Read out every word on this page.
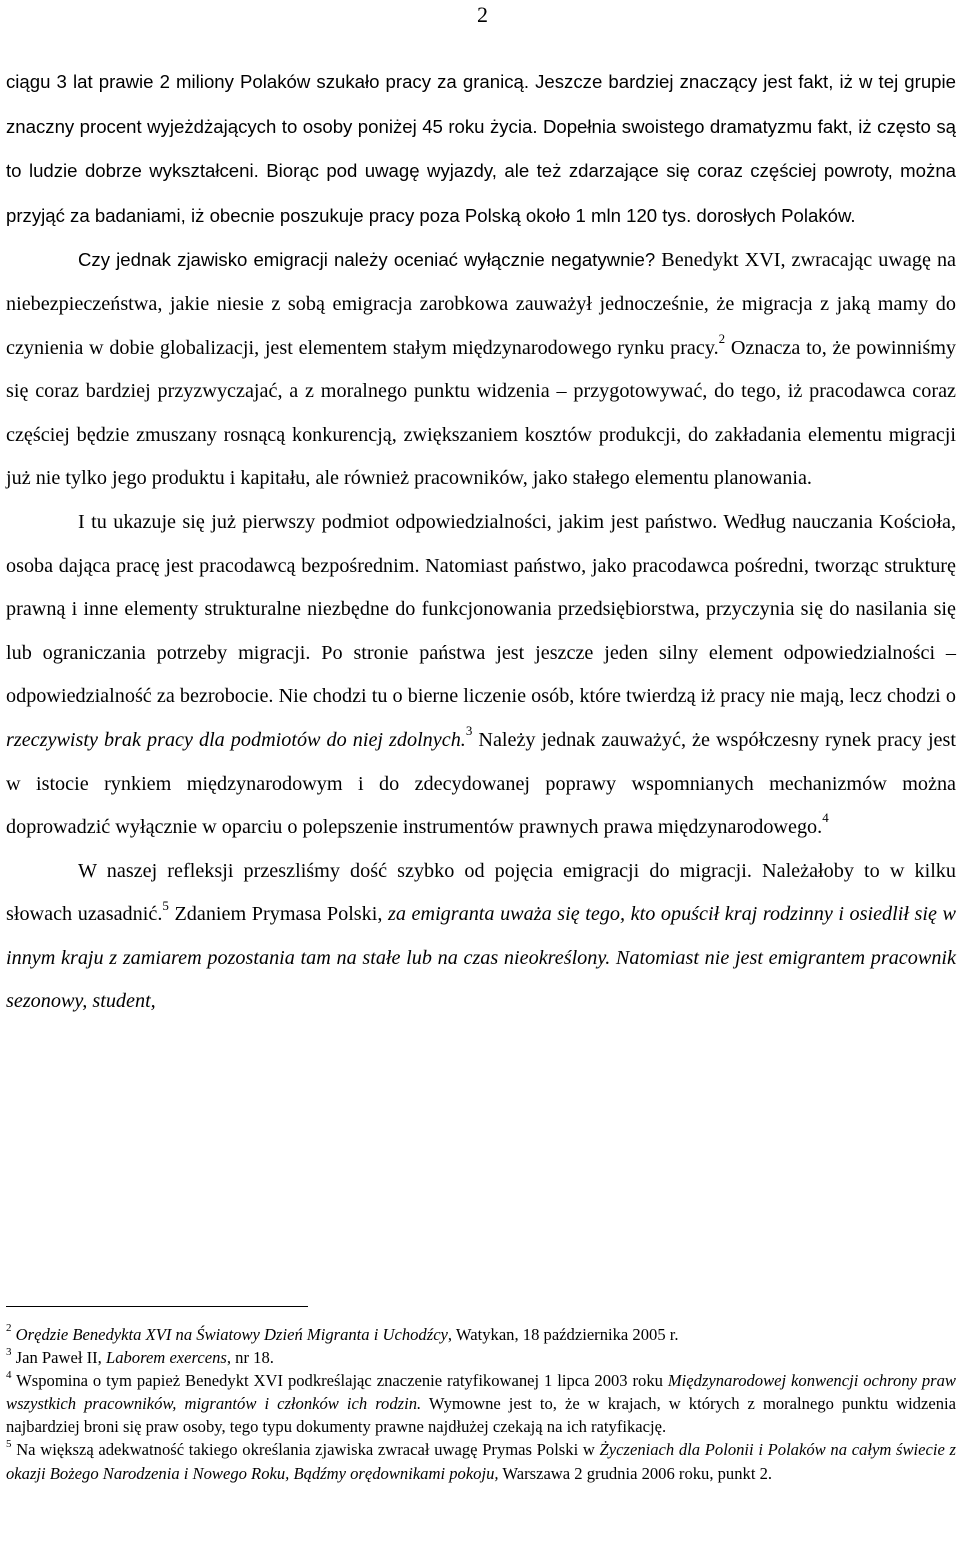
2

ciągu 3 lat prawie 2 miliony Polaków szukało pracy za granicą. Jeszcze bardziej znaczący jest fakt, iż w tej grupie znaczny procent wyjeżdżających to osoby poniżej 45 roku życia. Dopełnia swoistego dramatyzmu fakt, iż często są to ludzie dobrze wykształceni. Biorąc pod uwagę wyjazdy, ale też zdarzające się coraz częściej powroty, można przyjąć za badaniami, iż obecnie poszukuje pracy poza Polską około 1 mln 120 tys. dorosłych Polaków.

Czy jednak zjawisko emigracji należy oceniać wyłącznie negatywnie? Benedykt XVI, zwracając uwagę na niebezpieczeństwa, jakie niesie z sobą emigracja zarobkowa zauważył jednocześnie, że migracja z jaką mamy do czynienia w dobie globalizacji, jest elementem stałym międzynarodowego rynku pracy.$^2$ Oznacza to, że powinniśmy się coraz bardziej przyzwyczajać, a z moralnego punktu widzenia – przygotowywać, do tego, iż pracodawca coraz częściej będzie zmuszany rosnącą konkurencją, zwiększaniem kosztów produkcji, do zakładania elementu migracji już nie tylko jego produktu i kapitału, ale również pracowników, jako stałego elementu planowania.

I tu ukazuje się już pierwszy podmiot odpowiedzialności, jakim jest państwo. Według nauczania Kościoła, osoba dająca pracę jest pracodawcą bezpośrednim. Natomiast państwo, jako pracodawca pośredni, tworząc strukturę prawną i inne elementy strukturalne niezbędne do funkcjonowania przedsiębiorstwa, przyczynia się do nasilania się lub ograniczania potrzeby migracji. Po stronie państwa jest jeszcze jeden silny element odpowiedzialności – odpowiedzialność za bezrobocie. Nie chodzi tu o bierne liczenie osób, które twierdzą iż pracy nie mają, lecz chodzi o rzeczywisty brak pracy dla podmiotów do niej zdolnych.$^3$ Należy jednak zauważyć, że współczesny rynek pracy jest w istocie rynkiem międzynarodowym i do zdecydowanej poprawy wspomnianych mechanizmów można doprowadzić wyłącznie w oparciu o polepszenie instrumentów prawnych prawa międzynarodowego.$^4$

W naszej refleksji przeszliśmy dość szybko od pojęcia emigracji do migracji. Należałoby to w kilku słowach uzasadnić.$^5$ Zdaniem Prymasa Polski, za emigranta uważa się tego, kto opuścił kraj rodzinny i osiedlił się w innym kraju z zamiarem pozostania tam na stałe lub na czas nieokreślony. Natomiast nie jest emigrantem pracownik sezonowy, student,

$^2$ Orędzie Benedykta XVI na Światowy Dzień Migranta i Uchodźcy, Watykan, 18 października 2005 r.

$^3$ Jan Paweł II, Laborem exercens, nr 18.

$^4$ Wspomina o tym papież Benedykt XVI podkreślając znaczenie ratyfikowanej 1 lipca 2003 roku Międzynarodowej konwencji ochrony praw wszystkich pracowników, migrantów i członków ich rodzin. Wymowne jest to, że w krajach, w których z moralnego punktu widzenia najbardziej broni się praw osoby, tego typu dokumenty prawne najdłużej czekają na ich ratyfikację.

$^5$ Na większą adekwatność takiego określania zjawiska zwracał uwagę Prymas Polski w Życzeniach dla Polonii i Polaków na całym świecie z okazji Bożego Narodzenia i Nowego Roku, Bądźmy orędownikami pokoju, Warszawa 2 grudnia 2006 roku, punkt 2.
